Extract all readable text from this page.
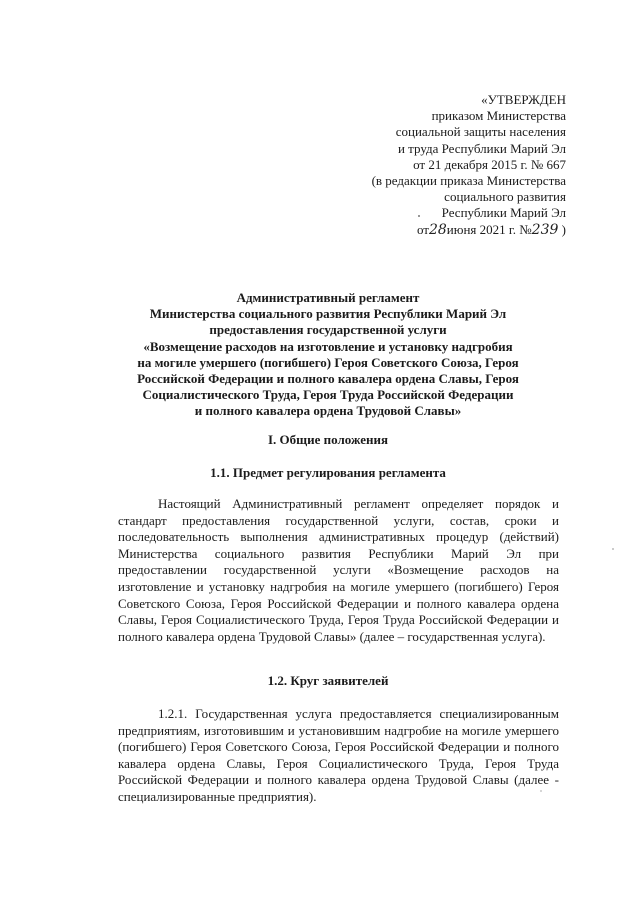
«УТВЕРЖДЕН
приказом Министерства
социальной защиты населения
и труда Республики Марий Эл
от 21 декабря 2015 г. № 667
(в редакции приказа Министерства
социального развития
Республики Марий Эл
от28июня 2021 г. №239 )
Административный регламент
Министерства социального развития Республики Марий Эл
предоставления государственной услуги
«Возмещение расходов на изготовление и установку надгробия
на могиле умершего (погибшего) Героя Советского Союза, Героя
Российской Федерации и полного кавалера ордена Славы, Героя
Социалистического Труда, Героя Труда Российской Федерации
и полного кавалера ордена Трудовой Славы»
I. Общие положения
1.1. Предмет регулирования регламента

Настоящий Административный регламент определяет порядок и стандарт предоставления государственной услуги, состав, сроки и последовательность выполнения административных процедур (действий) Министерства социального развития Республики Марий Эл при предоставлении государственной услуги «Возмещение расходов на изготовление и установку надгробия на могиле умершего (погибшего) Героя Советского Союза, Героя Российской Федерации и полного кавалера ордена Славы, Героя Социалистического Труда, Героя Труда Российской Федерации и полного кавалера ордена Трудовой Славы» (далее – государственная услуга).

1.2. Круг заявителей

1.2.1. Государственная услуга предоставляется специализированным предприятиям, изготовившим и установившим надгробие на могиле умершего (погибшего) Героя Советского Союза, Героя Российской Федерации и полного кавалера ордена Славы, Героя Социалистического Труда, Героя Труда Российской Федерации и полного кавалера ордена Трудовой Славы (далее - специализированные предприятия).
